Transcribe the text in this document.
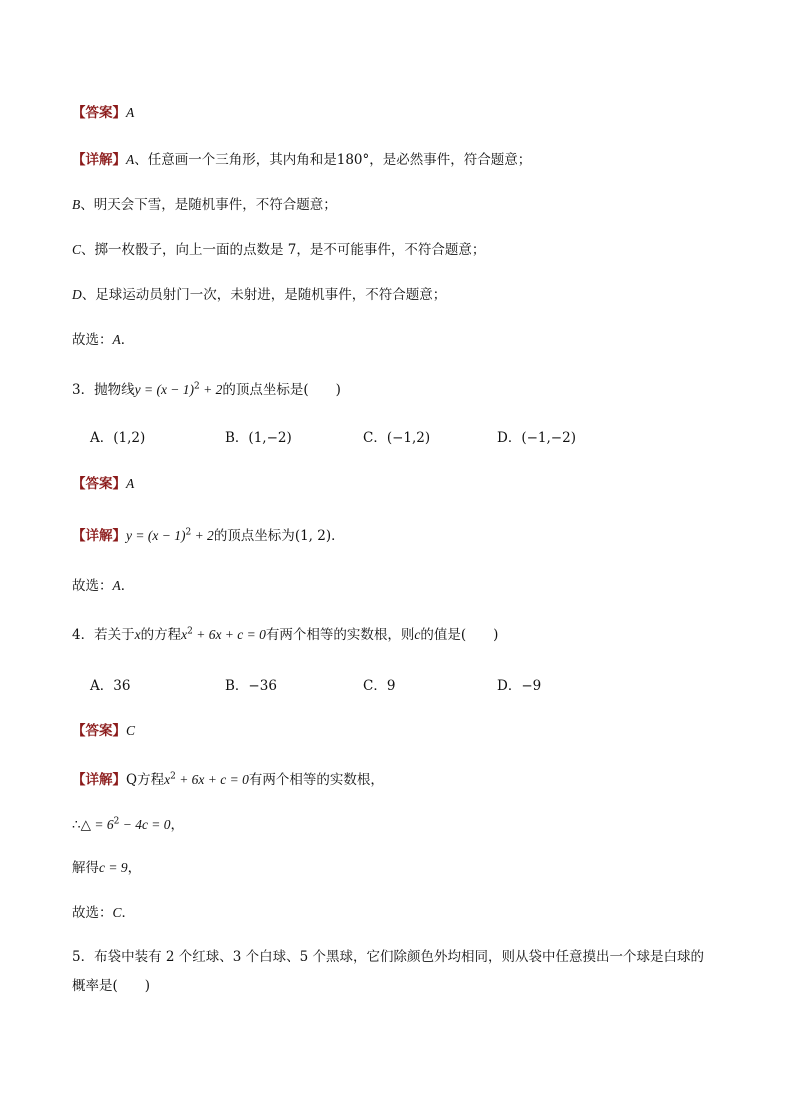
【答案】A
【详解】A、任意画一个三角形，其内角和是180°，是必然事件，符合题意；
B、明天会下雪，是随机事件，不符合题意；
C、掷一枚骰子，向上一面的点数是 7，是不可能事件，不符合题意；
D、足球运动员射门一次，未射进，是随机事件，不符合题意；
故选：A．
3．抛物线$y = (x - 1)^2 + 2$的顶点坐标是(　　)
A．(1,2)	B．(1,−2)	C．(−1,2)	D．(−1,−2)
【答案】A
【详解】$y = (x - 1)^2 + 2$的顶点坐标为(1, 2)．
故选：A．
4．若关于x的方程$x^2 + 6x + c = 0$有两个相等的实数根，则c的值是(　　)
A．36	B．−36	C．9	D．−9
【答案】C
【详解】Q方程$x^2 + 6x + c = 0$有两个相等的实数根，
∴△ = $6^2 - 4c = 0$，
解得c = 9，
故选：C．
5．布袋中装有 2 个红球、3 个白球、5 个黑球，它们除颜色外均相同，则从袋中任意摸出一个球是白球的
概率是(　　)
